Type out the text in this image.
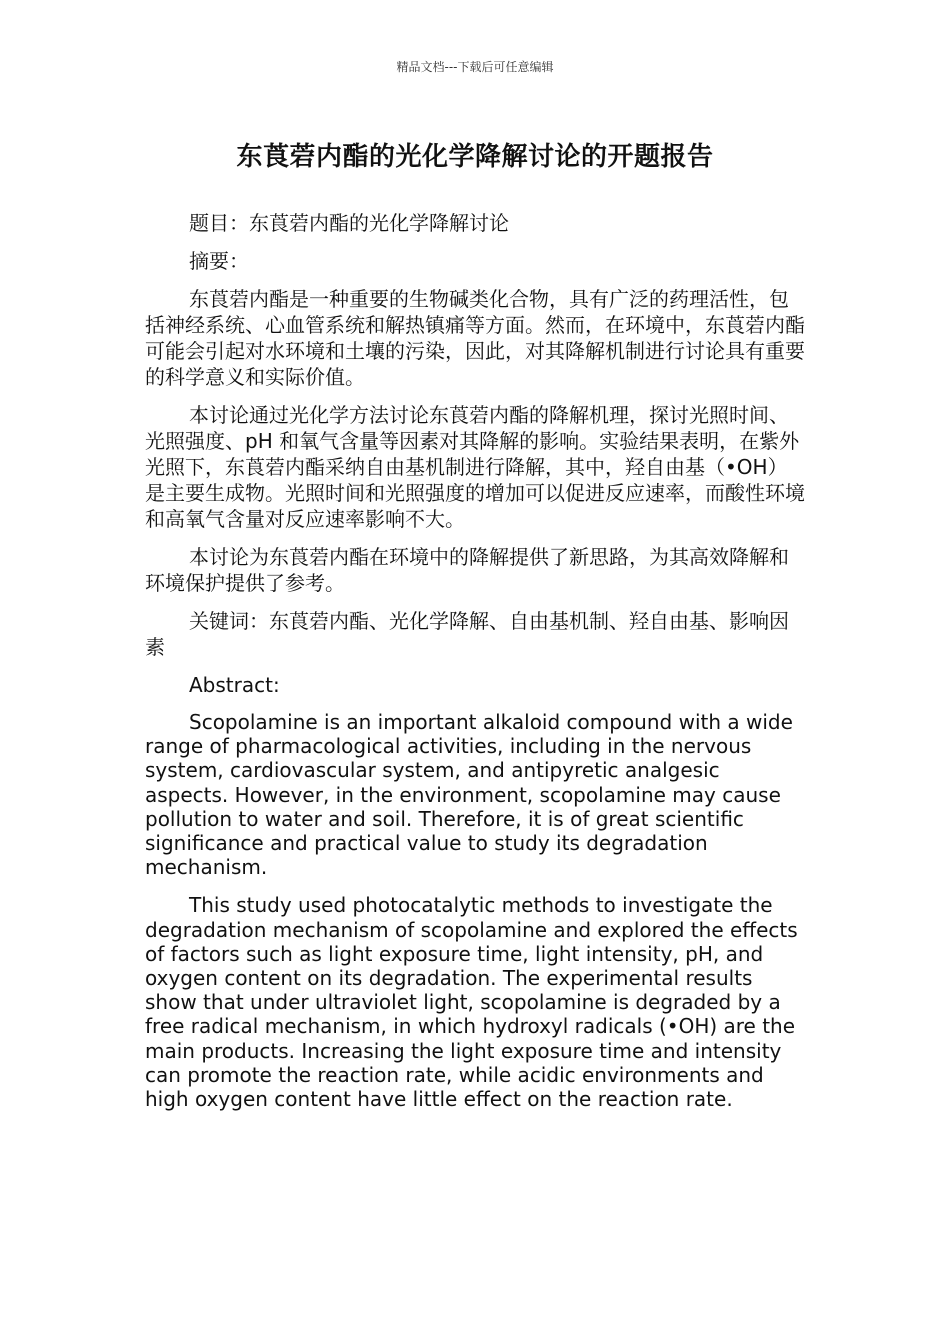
精品文档---下载后可任意编辑
东莨菪内酯的光化学降解讨论的开题报告

题目：东莨菪内酯的光化学降解讨论

摘要：

东莨菪内酯是一种重要的生物碱类化合物，具有广泛的药理活性，包括神经系统、心血管系统和解热镇痛等方面。然而，在环境中，东莨菪内酯可能会引起对水环境和土壤的污染，因此，对其降解机制进行讨论具有重要的科学意义和实际价值。

本讨论通过光化学方法讨论东莨菪内酯的降解机理，探讨光照时间、光照强度、pH 和氧气含量等因素对其降解的影响。实验结果表明，在紫外光照下，东莨菪内酯采纳自由基机制进行降解，其中，羟自由基（•OH）是主要生成物。光照时间和光照强度的增加可以促进反应速率，而酸性环境和高氧气含量对反应速率影响不大。

本讨论为东莨菪内酯在环境中的降解提供了新思路，为其高效降解和环境保护提供了参考。

关键词：东莨菪内酯、光化学降解、自由基机制、羟自由基、影响因素

Abstract:

Scopolamine is an important alkaloid compound with a wide range of pharmacological activities, including in the nervous system, cardiovascular system, and antipyretic analgesic aspects. However, in the environment, scopolamine may cause pollution to water and soil. Therefore, it is of great scientific significance and practical value to study its degradation mechanism.

This study used photocatalytic methods to investigate the degradation mechanism of scopolamine and explored the effects of factors such as light exposure time, light intensity, pH, and oxygen content on its degradation. The experimental results show that under ultraviolet light, scopolamine is degraded by a free radical mechanism, in which hydroxyl radicals (•OH) are the main products. Increasing the light exposure time and intensity can promote the reaction rate, while acidic environments and high oxygen content have little effect on the reaction rate.
